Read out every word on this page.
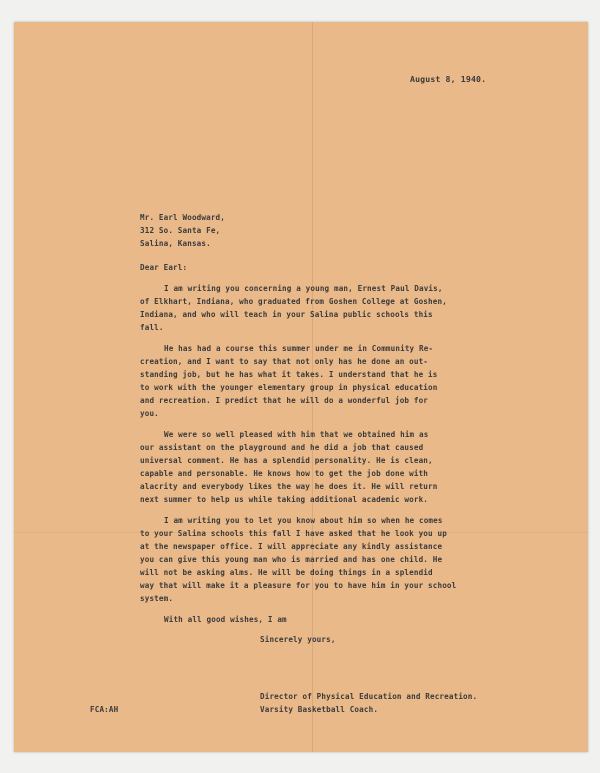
August 8, 1940.
Mr. Earl Woodward,
312 So. Santa Fe,
Salina, Kansas.
Dear Earl:
I am writing you concerning a young man, Ernest Paul Davis,
of Elkhart, Indiana, who graduated from Goshen College at Goshen,
Indiana, and who will teach in your Salina public schools this
fall.
He has had a course this summer under me in Community Re-
creation, and I want to say that not only has he done an out-
standing job, but he has what it takes. I understand that he is
to work with the younger elementary group in physical education
and recreation. I predict that he will do a wonderful job for
you.
We were so well pleased with him that we obtained him as
our assistant on the playground and he did a job that caused
universal comment. He has a splendid personality. He is clean,
capable and personable. He knows how to get the job done with
alacrity and everybody likes the way he does it. He will return
next summer to help us while taking additional academic work.
I am writing you to let you know about him so when he comes
to your Salina schools this fall I have asked that he look you up
at the newspaper office. I will appreciate any kindly assistance
you can give this young man who is married and has one child. He
will not be asking alms. He will be doing things in a splendid
way that will make it a pleasure for you to have him in your school
system.
With all good wishes, I am
Sincerely yours,
Director of Physical Education and Recreation.
Varsity Basketball Coach.
FCA:AH
